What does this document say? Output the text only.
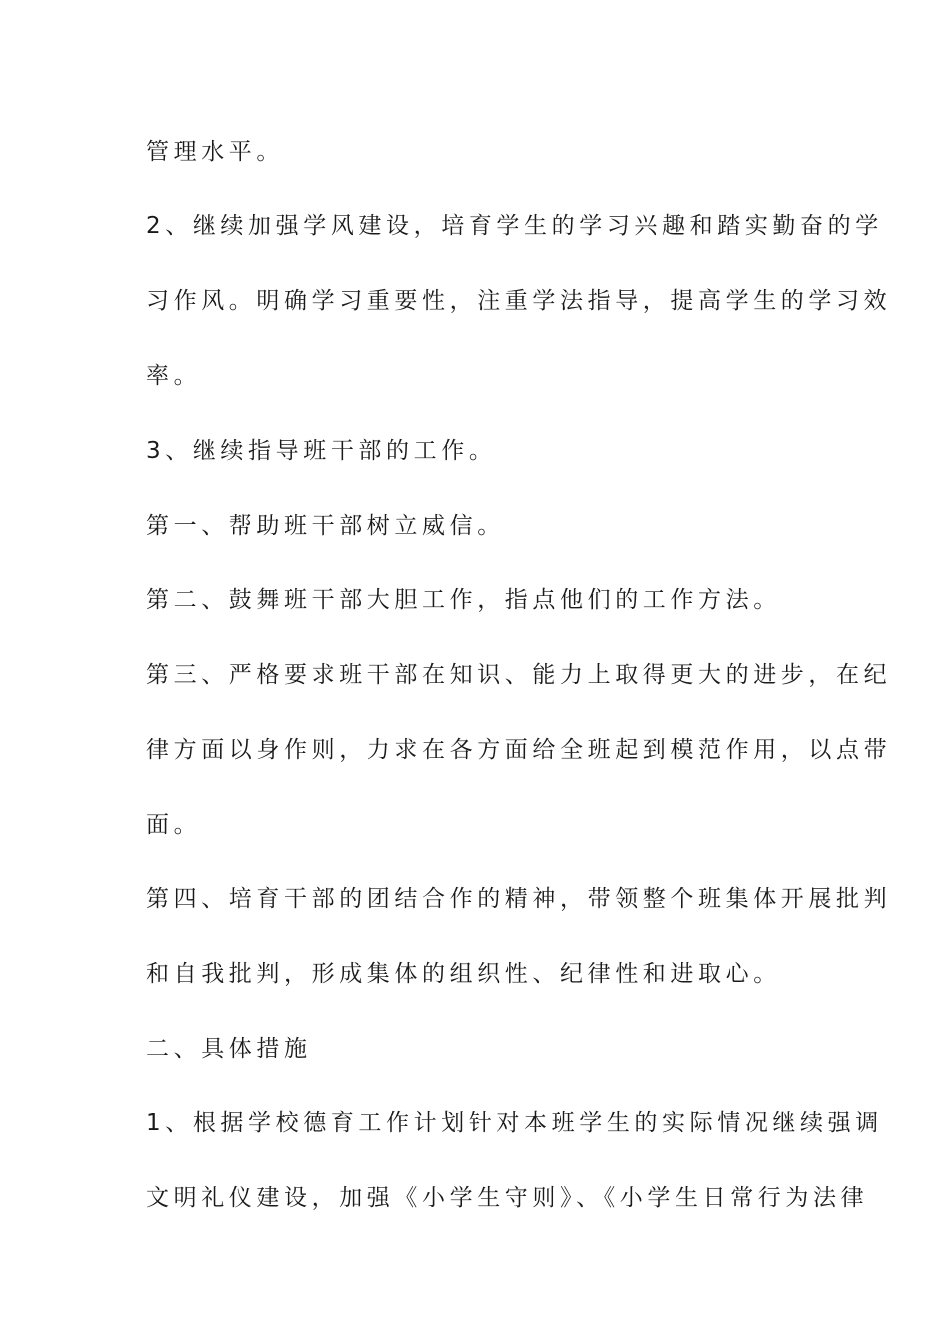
管理水平。
2、继续加强学风建设，培育学生的学习兴趣和踏实勤奋的学
习作风。明确学习重要性，注重学法指导，提高学生的学习效
率。
3、继续指导班干部的工作。
第一、帮助班干部树立威信。
第二、鼓舞班干部大胆工作，指点他们的工作方法。
第三、严格要求班干部在知识、能力上取得更大的进步，在纪
律方面以身作则，力求在各方面给全班起到模范作用，以点带
面。
第四、培育干部的团结合作的精神，带领整个班集体开展批判
和自我批判，形成集体的组织性、纪律性和进取心。
二、具体措施
1、根据学校德育工作计划针对本班学生的实际情况继续强调
文明礼仪建设，加强《小学生守则》、《小学生日常行为法律
